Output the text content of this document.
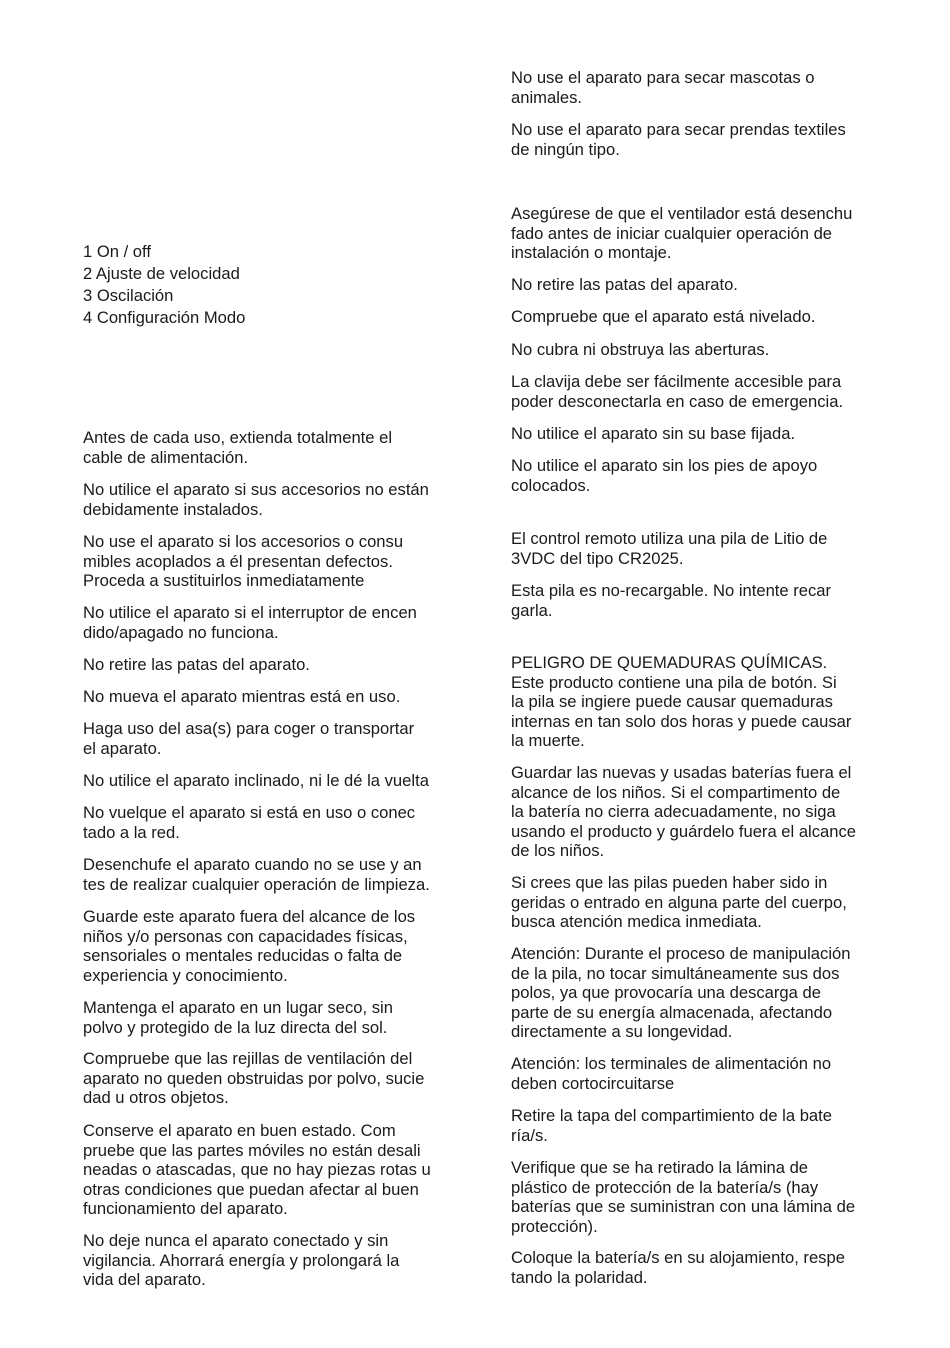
1 On / off
2 Ajuste de velocidad
3 Oscilación
4 Configuración Modo

Antes de cada uso, extienda totalmente el
cable de alimentación.

No utilice el aparato si sus accesorios no están
debidamente instalados.

No use el aparato si los accesorios o consu
mibles acoplados a él presentan defectos.
Proceda a sustituirlos inmediatamente

No utilice el aparato si el interruptor de encen
dido/apagado no funciona.

No retire las patas del aparato.

No mueva el aparato mientras está en uso.

Haga uso del asa(s) para coger o transportar
el aparato.

No utilice el aparato inclinado, ni le dé la vuelta

No vuelque el aparato si está en uso o conec
tado a la red.

Desenchufe el aparato cuando no se use y an
tes de realizar cualquier operación de limpieza.

Guarde este aparato fuera del alcance de los
niños y/o personas con capacidades físicas,
sensoriales o mentales reducidas o falta de
experiencia y conocimiento.

Mantenga el aparato en un lugar seco, sin
polvo y protegido de la luz directa del sol.

Compruebe que las rejillas de ventilación del
aparato no queden obstruidas por polvo, sucie
dad u otros objetos.

Conserve el aparato en buen estado. Com
pruebe que las partes móviles no están desali
neadas o atascadas, que no hay piezas rotas u
otras condiciones que puedan afectar al buen
funcionamiento del aparato.

No deje nunca el aparato conectado y sin
vigilancia. Ahorrará energía y prolongará la
vida del aparato.

No use el aparato para secar mascotas o
animales.

No use el aparato para secar prendas textiles
de ningún tipo.

Asegúrese de que el ventilador está desenchu
fado antes de iniciar cualquier operación de
instalación o montaje.

No retire las patas del aparato.

Compruebe que el aparato está nivelado.

No cubra ni obstruya las aberturas.

La clavija debe ser fácilmente accesible para
poder desconectarla en caso de emergencia.

No utilice el aparato sin su base fijada.

No utilice el aparato sin los pies de apoyo
colocados.

El control remoto utiliza una pila de Litio de
3VDC del tipo CR2025.

Esta pila es no-recargable. No intente recar
garla.

PELIGRO DE QUEMADURAS QUÍMICAS.
Este producto contiene una pila de botón. Si
la pila se ingiere puede causar quemaduras
internas en tan solo dos horas y puede causar
la muerte.

Guardar las nuevas y usadas baterías fuera el
alcance de los niños. Si el compartimento de
la batería no cierra adecuadamente, no siga
usando el producto y guárdelo fuera el alcance
de los niños.

Si crees que las pilas pueden haber sido in
geridas o entrado en alguna parte del cuerpo,
busca atención medica inmediata.

Atención: Durante el proceso de manipulación
de la pila, no tocar simultáneamente sus dos
polos, ya que provocaría una descarga de
parte de su energía almacenada, afectando
directamente a su longevidad.

Atención: los terminales de alimentación no
deben cortocircuitarse

Retire la tapa del compartimiento de la bate
ría/s.

Verifique que se ha retirado la lámina de
plástico de protección de la batería/s (hay
baterías que se suministran con una lámina de
protección).

Coloque la batería/s en su alojamiento, respe
tando la polaridad.
